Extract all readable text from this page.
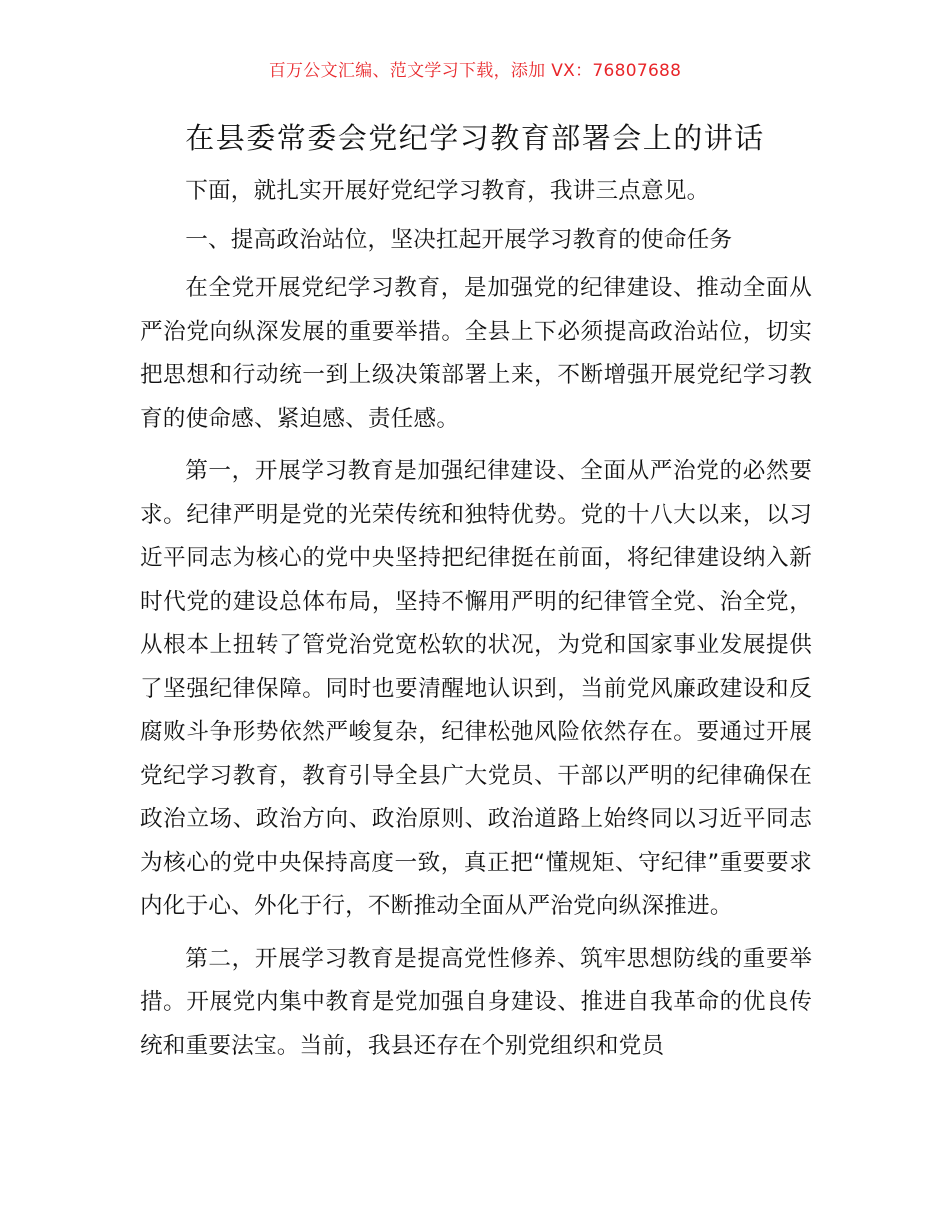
百万公文汇编、范文学习下载，添加 VX：76807688
在县委常委会党纪学习教育部署会上的讲话

下面，就扎实开展好党纪学习教育，我讲三点意见。

一、提高政治站位，坚决扛起开展学习教育的使命任务

在全党开展党纪学习教育，是加强党的纪律建设、推动全面从严治党向纵深发展的重要举措。全县上下必须提高政治站位，切实把思想和行动统一到上级决策部署上来，不断增强开展党纪学习教育的使命感、紧迫感、责任感。

第一，开展学习教育是加强纪律建设、全面从严治党的必然要求。纪律严明是党的光荣传统和独特优势。党的十八大以来，以习近平同志为核心的党中央坚持把纪律挺在前面，将纪律建设纳入新时代党的建设总体布局，坚持不懈用严明的纪律管全党、治全党，从根本上扭转了管党治党宽松软的状况，为党和国家事业发展提供了坚强纪律保障。同时也要清醒地认识到，当前党风廉政建设和反腐败斗争形势依然严峻复杂，纪律松弛风险依然存在。要通过开展党纪学习教育，教育引导全县广大党员、干部以严明的纪律确保在政治立场、政治方向、政治原则、政治道路上始终同以习近平同志为核心的党中央保持高度一致，真正把“懂规矩、守纪律”重要要求内化于心、外化于行，不断推动全面从严治党向纵深推进。

第二，开展学习教育是提高党性修养、筑牢思想防线的重要举措。开展党内集中教育是党加强自身建设、推进自我革命的优良传统和重要法宝。当前，我县还存在个别党组织和党员
